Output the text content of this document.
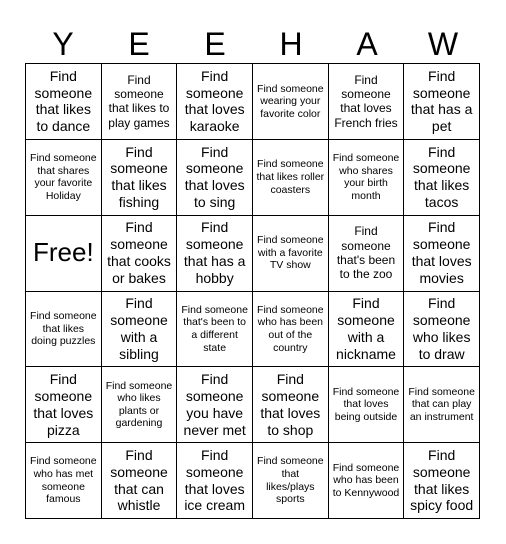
Y	E	E	H	A	W
Find someone that likes to dance
Find someone that likes to play games
Find someone that loves karaoke
Find someone wearing your favorite color
Find someone that loves French fries
Find someone that has a pet
Find someone that shares your favorite Holiday
Find someone that likes fishing
Find someone that loves to sing
Find someone that likes roller coasters
Find someone who shares your birth month
Find someone that likes tacos
Free!
Find someone that cooks or bakes
Find someone that has a hobby
Find someone with a favorite TV show
Find someone that's been to the zoo
Find someone that loves movies
Find someone that likes doing puzzles
Find someone with a sibling
Find someone that's been to a different state
Find someone who has been out of the country
Find someone with a nickname
Find someone who likes to draw
Find someone that loves pizza
Find someone who likes plants or gardening
Find someone you have never met
Find someone that loves to shop
Find someone that loves being outside
Find someone that can play an instrument
Find someone who has met someone famous
Find someone that can whistle
Find someone that loves ice cream
Find someone that likes/plays sports
Find someone who has been to Kennywood
Find someone that likes spicy food
